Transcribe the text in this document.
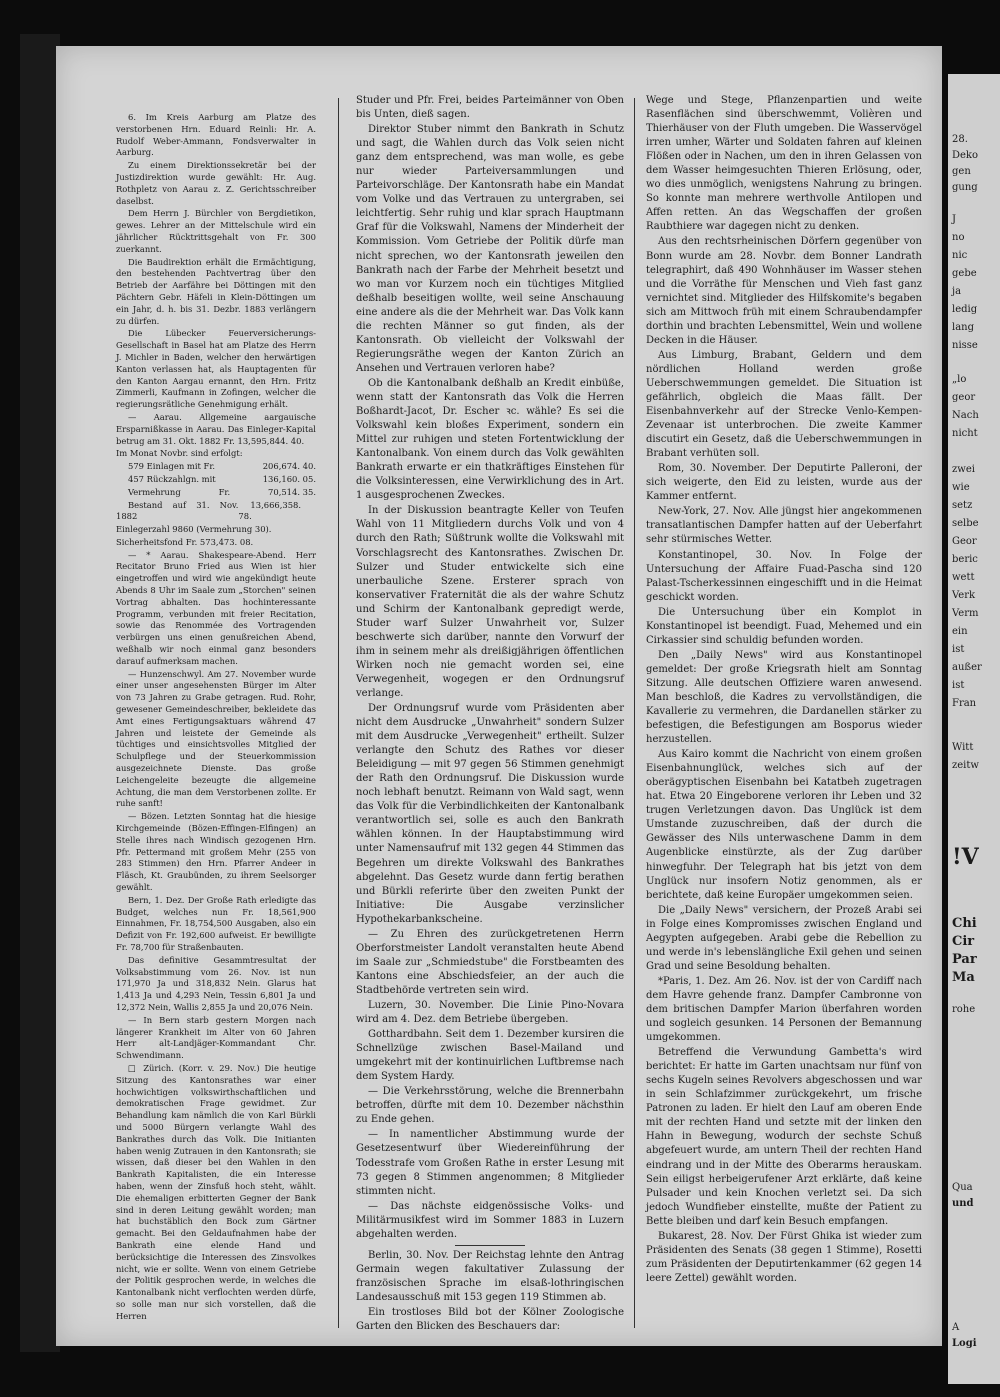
28.
Deko
gen
gung
J
no
nic
gebe
ja
ledig
lang
nisse
„lo
geor
Nach
nicht
zwei
wie
setz
selbe
Geor
beric
wett
Verk
Verm
ein
ist
außer
ist
Fran
Witt
zeitw
!V
Chi
Cir
Par
Ma
rohe
Qua
und
A
Logi

6. Im Kreis Aarburg am Platze des verstorbenen Hrn. Eduard Reinli: Hr. A. Rudolf Weber-Ammann, Fondsverwalter in Aarburg.

Zu einem Direktionssekretär bei der Justizdirektion wurde gewählt: Hr. Aug. Rothpletz von Aarau z. Z. Gerichtsschreiber daselbst.

Dem Herrn J. Bürchler von Bergdietikon, gewes. Lehrer an der Mittelschule wird ein jährlicher Rücktrittsgehalt von Fr. 300 zuerkannt.

Die Baudirektion erhält die Ermächtigung, den bestehenden Pachtvertrag über den Betrieb der Aarfähre bei Döttingen mit den Pächtern Gebr. Häfeli in Klein-Döttingen um ein Jahr, d. h. bis 31. Dezbr. 1883 verlängern zu dürfen.

Die Lübecker Feuerversicherungs-Gesellschaft in Basel hat am Platze des Herrn J. Michler in Baden, welcher den herwärtigen Kanton verlassen hat, als Hauptagenten für den Kanton Aargau ernannt, den Hrn. Fritz Zimmerli, Kaufmann in Zofingen, welcher die regierungsrätliche Genehmigung erhält.

— Aarau. Allgemeine aargauische Ersparnißkasse in Aarau. Das Einleger-Kapital betrug am 31. Okt. 1882 Fr. 13,595,844. 40.

Im Monat Novbr. sind erfolgt:

579 Einlagen mit Fr.	206,674. 40.

457 Rückzahlgn. mit	136,160. 05.

Vermehrung	Fr.	70,514. 35.

Bestand auf 31. Nov. 1882
13,666,358. 78.

Einlegerzahl 9860 (Vermehrung 30).

Sicherheitsfond Fr. 573,473. 08.

— * Aarau. Shakespeare-Abend. Herr Recitator Bruno Fried aus Wien ist hier eingetroffen und wird wie angekündigt heute Abends 8 Uhr im Saale zum „Storchen" seinen Vortrag abhalten. Das hochinteressante Programm, verbunden mit freier Recitation, sowie das Renommée des Vortragenden verbürgen uns einen genußreichen Abend, weßhalb wir noch einmal ganz besonders darauf aufmerksam machen.

— Hunzenschwyl. Am 27. November wurde einer unser angesehensten Bürger im Alter von 73 Jahren zu Grabe getragen. Rud. Rohr, gewesener Gemeindeschreiber, bekleidete das Amt eines Fertigungsaktuars während 47 Jahren und leistete der Gemeinde als tüchtiges und einsichtsvolles Mitglied der Schulpflege und der Steuerkommission ausgezeichnete Dienste. Das große Leichengeleite bezeugte die allgemeine Achtung, die man dem Verstorbenen zollte. Er ruhe sanft!

— Bözen. Letzten Sonntag hat die hiesige Kirchgemeinde (Bözen-Effingen-Elfingen) an Stelle ihres nach Windisch gezogenen Hrn. Pfr. Pettermand mit großem Mehr (255 von 283 Stimmen) den Hrn. Pfarrer Andeer in Fläsch, Kt. Graubünden, zu ihrem Seelsorger gewählt.

Bern, 1. Dez. Der Große Rath erledigte das Budget, welches nun Fr. 18,561,900 Einnahmen, Fr. 18,754,500 Ausgaben, also ein Defizit von Fr. 192,600 aufweist. Er bewilligte Fr. 78,700 für Straßenbauten.

Das definitive Gesammtresultat der Volksabstimmung vom 26. Nov. ist nun 171,970 Ja und 318,832 Nein. Glarus hat 1,413 Ja und 4,293 Nein, Tessin 6,801 Ja und 12,372 Nein, Wallis 2,855 Ja und 20,076 Nein.

— In Bern starb gestern Morgen nach längerer Krankheit im Alter von 60 Jahren Herr alt-Landjäger-Kommandant Chr. Schwendimann.

□ Zürich. (Korr. v. 29. Nov.) Die heutige Sitzung des Kantonsrathes war einer hochwichtigen volkswirthschaftlichen und demokratischen Frage gewidmet. Zur Behandlung kam nämlich die von Karl Bürkli und 5000 Bürgern verlangte Wahl des Bankrathes durch das Volk. Die Initianten haben wenig Zutrauen in den Kantonsrath; sie wissen, daß dieser bei den Wahlen in den Bankrath Kapitalisten, die ein Interesse haben, wenn der Zinsfuß hoch steht, wählt. Die ehemaligen erbitterten Gegner der Bank sind in deren Leitung gewählt worden; man hat buchstäblich den Bock zum Gärtner gemacht. Bei den Geldaufnahmen habe der Bankrath eine elende Hand und berücksichtige die Interessen des Zinsvolkes nicht, wie er sollte. Wenn von einem Getriebe der Politik gesprochen werde, in welches die Kantonalbank nicht verflochten werden dürfe, so solle man nur sich vorstellen, daß die Herren

Studer und Pfr. Frei, beides Parteimänner von Oben bis Unten, dieß sagen.

Direktor Stuber nimmt den Bankrath in Schutz und sagt, die Wahlen durch das Volk seien nicht ganz dem entsprechend, was man wolle, es gebe nur wieder Parteiversammlungen und Parteivorschläge. Der Kantonsrath habe ein Mandat vom Volke und das Vertrauen zu untergraben, sei leichtfertig. Sehr ruhig und klar sprach Hauptmann Graf für die Volkswahl, Namens der Minderheit der Kommission. Vom Getriebe der Politik dürfe man nicht sprechen, wo der Kantonsrath jeweilen den Bankrath nach der Farbe der Mehrheit besetzt und wo man vor Kurzem noch ein tüchtiges Mitglied deßhalb beseitigen wollte, weil seine Anschauung eine andere als die der Mehrheit war. Das Volk kann die rechten Männer so gut finden, als der Kantonsrath. Ob vielleicht der Volkswahl der Regierungsräthe wegen der Kanton Zürich an Ansehen und Vertrauen verloren habe?

Ob die Kantonalbank deßhalb an Kredit einbüße, wenn statt der Kantonsrath das Volk die Herren Boßhardt-Jacot, Dr. Escher ꝛc. wähle? Es sei die Volkswahl kein bloßes Experiment, sondern ein Mittel zur ruhigen und steten Fortentwicklung der Kantonalbank. Von einem durch das Volk gewählten Bankrath erwarte er ein thatkräftiges Einstehen für die Volksinteressen, eine Verwirklichung des in Art. 1 ausgesprochenen Zweckes.

In der Diskussion beantragte Keller von Teufen Wahl von 11 Mitgliedern durchs Volk und von 4 durch den Rath; Süßtrunk wollte die Volkswahl mit Vorschlagsrecht des Kantonsrathes. Zwischen Dr. Sulzer und Studer entwickelte sich eine unerbauliche Szene. Ersterer sprach von konservativer Fraternität die als der wahre Schutz und Schirm der Kantonalbank gepredigt werde, Studer warf Sulzer Unwahrheit vor, Sulzer beschwerte sich darüber, nannte den Vorwurf der ihm in seinem mehr als dreißigjährigen öffentlichen Wirken noch nie gemacht worden sei, eine Verwegenheit, wogegen er den Ordnungsruf verlange.

Der Ordnungsruf wurde vom Präsidenten aber nicht dem Ausdrucke „Unwahrheit" sondern Sulzer mit dem Ausdrucke „Verwegenheit" ertheilt. Sulzer verlangte den Schutz des Rathes vor dieser Beleidigung — mit 97 gegen 56 Stimmen genehmigt der Rath den Ordnungsruf. Die Diskussion wurde noch lebhaft benutzt. Reimann von Wald sagt, wenn das Volk für die Verbindlichkeiten der Kantonalbank verantwortlich sei, solle es auch den Bankrath wählen können. In der Hauptabstimmung wird unter Namensaufruf mit 132 gegen 44 Stimmen das Begehren um direkte Volkswahl des Bankrathes abgelehnt. Das Gesetz wurde dann fertig berathen und Bürkli referirte über den zweiten Punkt der Initiative: Die Ausgabe verzinslicher Hypothekarbankscheine.

— Zu Ehren des zurückgetretenen Herrn Oberforstmeister Landolt veranstalten heute Abend im Saale zur „Schmiedstube" die Forstbeamten des Kantons eine Abschiedsfeier, an der auch die Stadtbehörde vertreten sein wird.

Luzern, 30. November. Die Linie Pino-Novara wird am 4. Dez. dem Betriebe übergeben.

Gotthardbahn. Seit dem 1. Dezember kursiren die Schnellzüge zwischen Basel-Mailand und umgekehrt mit der kontinuirlichen Luftbremse nach dem System Hardy.

— Die Verkehrsstörung, welche die Brennerbahn betroffen, dürfte mit dem 10. Dezember nächsthin zu Ende gehen.

— In namentlicher Abstimmung wurde der Gesetzesentwurf über Wiedereinführung der Todesstrafe vom Großen Rathe in erster Lesung mit 73 gegen 8 Stimmen angenommen; 8 Mitglieder stimmten nicht.

— Das nächste eidgenössische Volks- und Militärmusikfest wird im Sommer 1883 in Luzern abgehalten werden.

Berlin, 30. Nov. Der Reichstag lehnte den Antrag Germain wegen fakultativer Zulassung der französischen Sprache im elsaß-lothringischen Landesausschuß mit 153 gegen 119 Stimmen ab.

Ein trostloses Bild bot der Kölner Zoologische Garten den Blicken des Beschauers dar:

Wege und Stege, Pflanzenpartien und weite Rasenflächen sind überschwemmt, Volièren und Thierhäuser von der Fluth umgeben. Die Wasservögel irren umher, Wärter und Soldaten fahren auf kleinen Flößen oder in Nachen, um den in ihren Gelassen von dem Wasser heimgesuchten Thieren Erlösung, oder, wo dies unmöglich, wenigstens Nahrung zu bringen. So konnte man mehrere werthvolle Antilopen und Affen retten. An das Wegschaffen der großen Raubthiere war dagegen nicht zu denken.

Aus den rechtsrheinischen Dörfern gegenüber von Bonn wurde am 28. Novbr. dem Bonner Landrath telegraphirt, daß 490 Wohnhäuser im Wasser stehen und die Vorräthe für Menschen und Vieh fast ganz vernichtet sind. Mitglieder des Hilfskomite's begaben sich am Mittwoch früh mit einem Schraubendampfer dorthin und brachten Lebensmittel, Wein und wollene Decken in die Häuser.

Aus Limburg, Brabant, Geldern und dem nördlichen Holland werden große Ueberschwemmungen gemeldet. Die Situation ist gefährlich, obgleich die Maas fällt. Der Eisenbahnverkehr auf der Strecke Venlo-Kempen-Zevenaar ist unterbrochen. Die zweite Kammer discutirt ein Gesetz, daß die Ueberschwemmungen in Brabant verhüten soll.

Rom, 30. November. Der Deputirte Palleroni, der sich weigerte, den Eid zu leisten, wurde aus der Kammer entfernt.

New-York, 27. Nov. Alle jüngst hier angekommenen transatlantischen Dampfer hatten auf der Ueberfahrt sehr stürmisches Wetter.

Konstantinopel, 30. Nov. In Folge der Untersuchung der Affaire Fuad-Pascha sind 120 Palast-Tscherkessinnen eingeschifft und in die Heimat geschickt worden.

Die Untersuchung über ein Komplot in Konstantinopel ist beendigt. Fuad, Mehemed und ein Cirkassier sind schuldig befunden worden.

Den „Daily News" wird aus Konstantinopel gemeldet: Der große Kriegsrath hielt am Sonntag Sitzung. Alle deutschen Offiziere waren anwesend. Man beschloß, die Kadres zu vervollständigen, die Kavallerie zu vermehren, die Dardanellen stärker zu befestigen, die Befestigungen am Bosporus wieder herzustellen.

Aus Kairo kommt die Nachricht von einem großen Eisenbahnunglück, welches sich auf der oberägyptischen Eisenbahn bei Katatbeh zugetragen hat. Etwa 20 Eingeborene verloren ihr Leben und 32 trugen Verletzungen davon. Das Unglück ist dem Umstande zuzuschreiben, daß der durch die Gewässer des Nils unterwaschene Damm in dem Augenblicke einstürzte, als der Zug darüber hinwegfuhr. Der Telegraph hat bis jetzt von dem Unglück nur insofern Notiz genommen, als er berichtete, daß keine Europäer umgekommen seien.

Die „Daily News" versichern, der Prozeß Arabi sei in Folge eines Kompromisses zwischen England und Aegypten aufgegeben. Arabi gebe die Rebellion zu und werde in's lebenslängliche Exil gehen und seinen Grad und seine Besoldung behalten.

*Paris, 1. Dez. Am 26. Nov. ist der von Cardiff nach dem Havre gehende franz. Dampfer Cambronne von dem britischen Dampfer Marion überfahren worden und sogleich gesunken. 14 Personen der Bemannung umgekommen.

Betreffend die Verwundung Gambetta's wird berichtet: Er hatte im Garten unachtsam nur fünf von sechs Kugeln seines Revolvers abgeschossen und war in sein Schlafzimmer zurückgekehrt, um frische Patronen zu laden. Er hielt den Lauf am oberen Ende mit der rechten Hand und setzte mit der linken den Hahn in Bewegung, wodurch der sechste Schuß abgefeuert wurde, am untern Theil der rechten Hand eindrang und in der Mitte des Oberarms herauskam. Sein eiligst herbeigerufener Arzt erklärte, daß keine Pulsader und kein Knochen verletzt sei. Da sich jedoch Wundfieber einstellte, mußte der Patient zu Bette bleiben und darf kein Besuch empfangen.

Bukarest, 28. Nov. Der Fürst Ghika ist wieder zum Präsidenten des Senats (38 gegen 1 Stimme), Rosetti zum Präsidenten der Deputirtenkammer (62 gegen 14 leere Zettel) gewählt worden.
